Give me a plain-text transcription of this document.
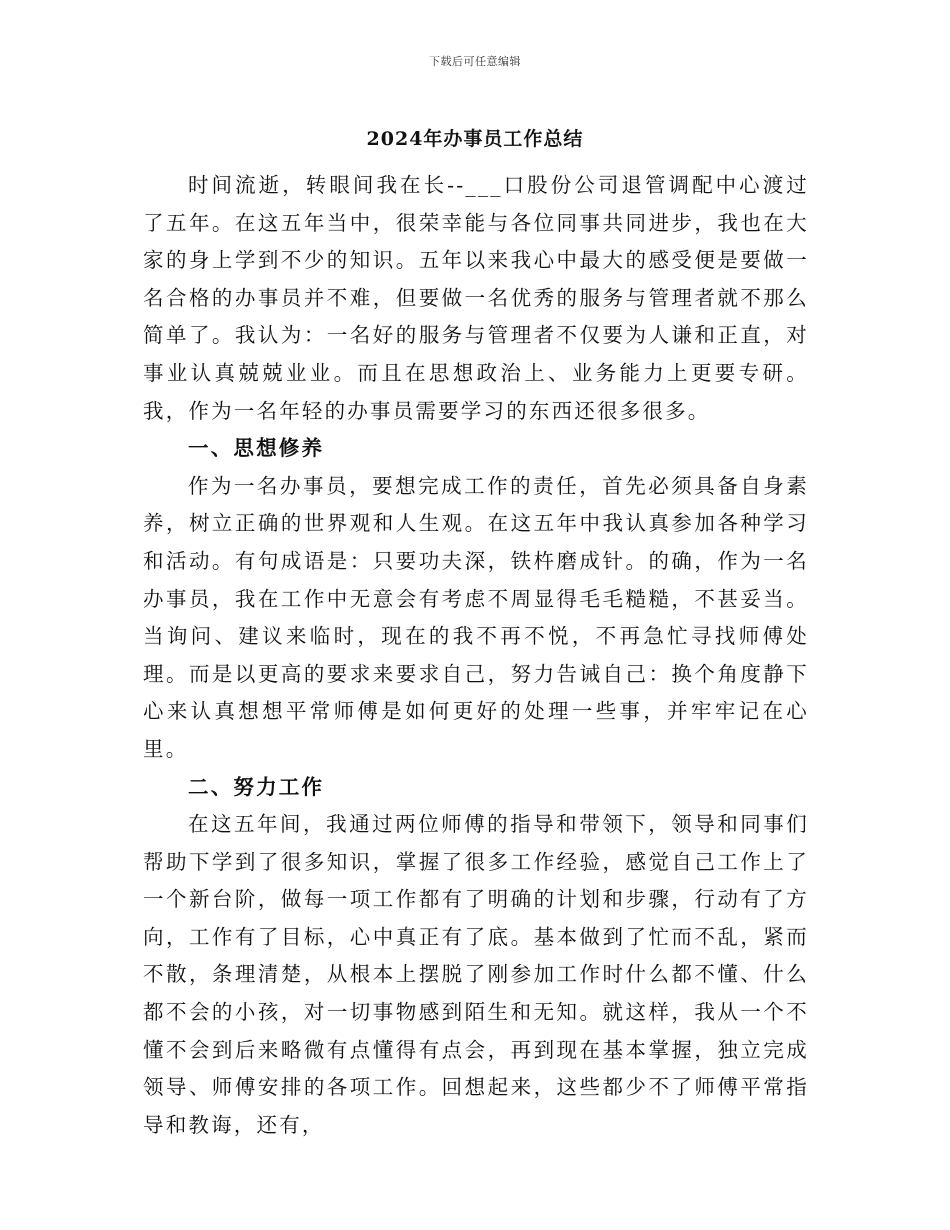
下载后可任意编辑
2024年办事员工作总结

时间流逝，转眼间我在长--___口股份公司退管调配中心渡过了五年。在这五年当中，很荣幸能与各位同事共同进步，我也在大家的身上学到不少的知识。五年以来我心中最大的感受便是要做一名合格的办事员并不难，但要做一名优秀的服务与管理者就不那么简单了。我认为：一名好的服务与管理者不仅要为人谦和正直，对事业认真兢兢业业。而且在思想政治上、业务能力上更要专研。我，作为一名年轻的办事员需要学习的东西还很多很多。

一、思想修养

作为一名办事员，要想完成工作的责任，首先必须具备自身素养，树立正确的世界观和人生观。在这五年中我认真参加各种学习和活动。有句成语是：只要功夫深，铁杵磨成针。的确，作为一名办事员，我在工作中无意会有考虑不周显得毛毛糙糙，不甚妥当。当询问、建议来临时，现在的我不再不悦，不再急忙寻找师傅处理。而是以更高的要求来要求自己，努力告诫自己：换个角度静下心来认真想想平常师傅是如何更好的处理一些事，并牢牢记在心里。

二、努力工作

在这五年间，我通过两位师傅的指导和带领下，领导和同事们帮助下学到了很多知识，掌握了很多工作经验，感觉自己工作上了一个新台阶，做每一项工作都有了明确的计划和步骤，行动有了方向，工作有了目标，心中真正有了底。基本做到了忙而不乱，紧而不散，条理清楚，从根本上摆脱了刚参加工作时什么都不懂、什么都不会的小孩，对一切事物感到陌生和无知。就这样，我从一个不懂不会到后来略微有点懂得有点会，再到现在基本掌握，独立完成领导、师傅安排的各项工作。回想起来，这些都少不了师傅平常指导和教诲，还有，
